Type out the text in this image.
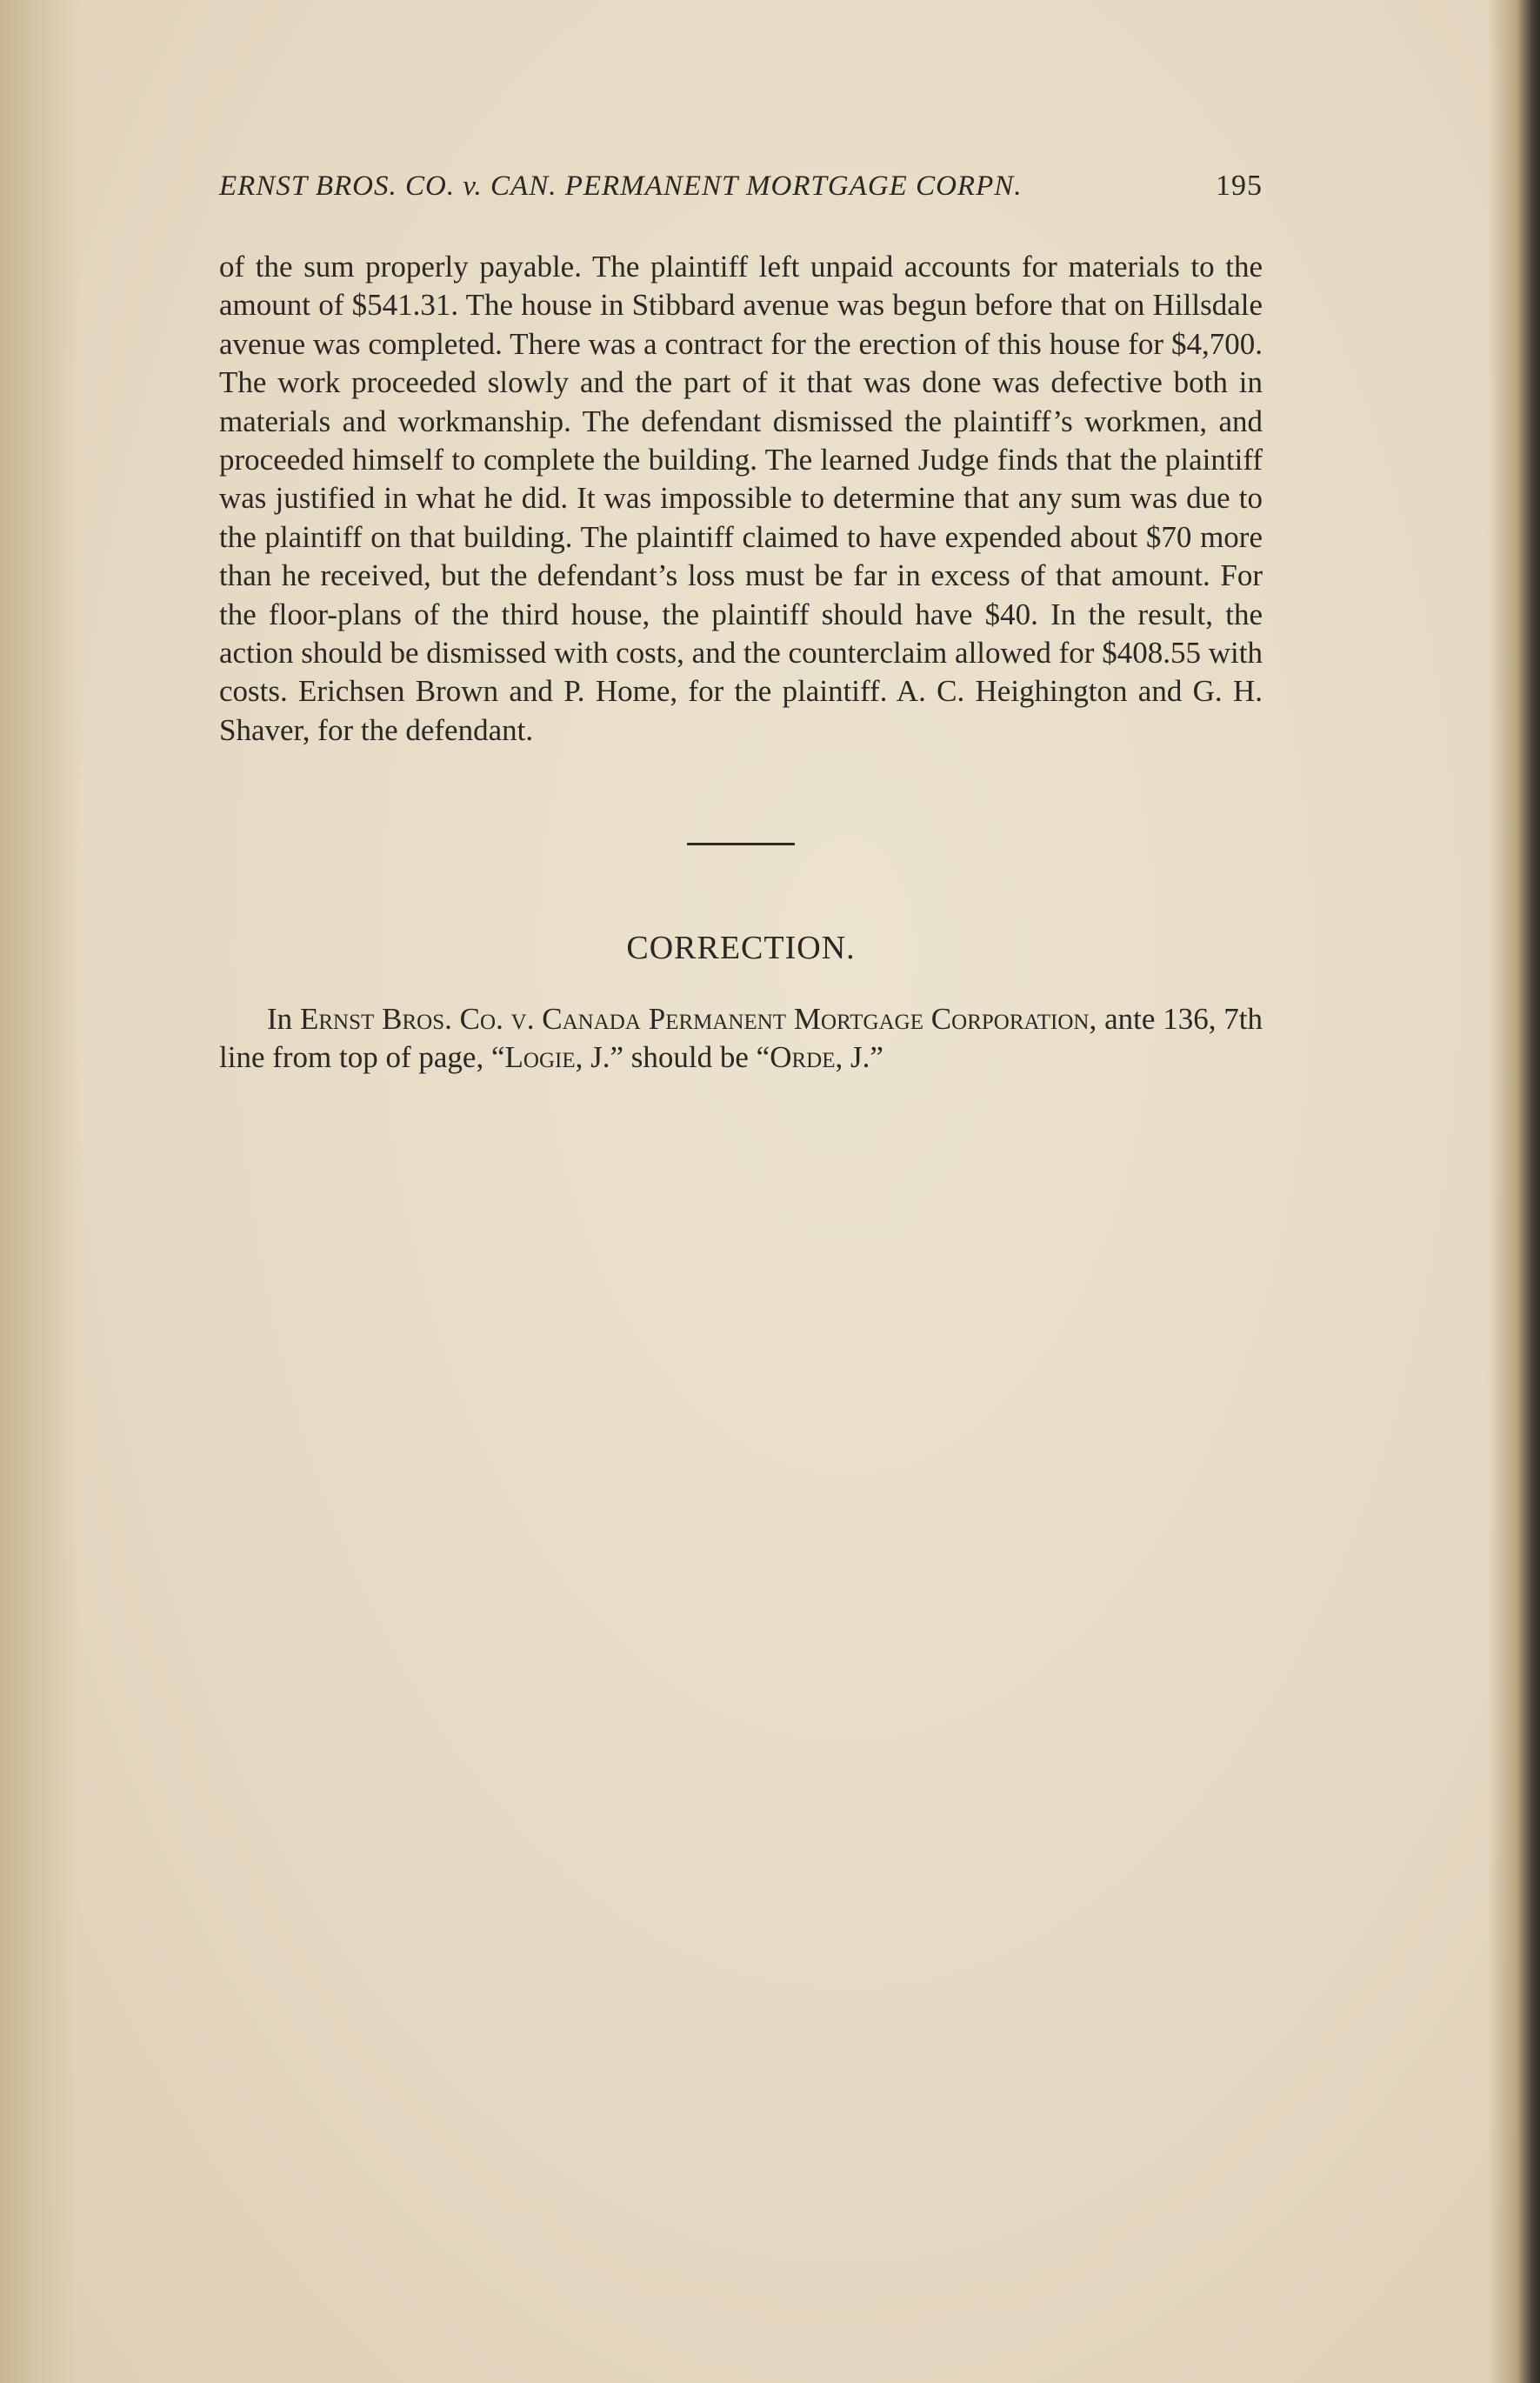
ERNST BROS. CO. v. CAN. PERMANENT MORTGAGE CORPN.	195

of the sum properly payable. The plaintiff left unpaid accounts for materials to the amount of $541.31. The house in Stibbard avenue was begun before that on Hillsdale avenue was completed. There was a contract for the erection of this house for $4,700. The work proceeded slowly and the part of it that was done was defective both in materials and workmanship. The defendant dismissed the plaintiff’s workmen, and proceeded himself to complete the building. The learned Judge finds that the plaintiff was justified in what he did. It was impossible to determine that any sum was due to the plaintiff on that building. The plaintiff claimed to have expended about $70 more than he received, but the defendant’s loss must be far in excess of that amount. For the floor-plans of the third house, the plaintiff should have $40. In the result, the action should be dismissed with costs, and the counterclaim allowed for $408.55 with costs. Erichsen Brown and P. Home, for the plaintiff. A. C. Heighington and G. H. Shaver, for the defendant.

CORRECTION.

In Ernst Bros. Co. v. Canada Permanent Mortgage Corporation, ante 136, 7th line from top of page, “Logie, J.” should be “Orde, J.”
